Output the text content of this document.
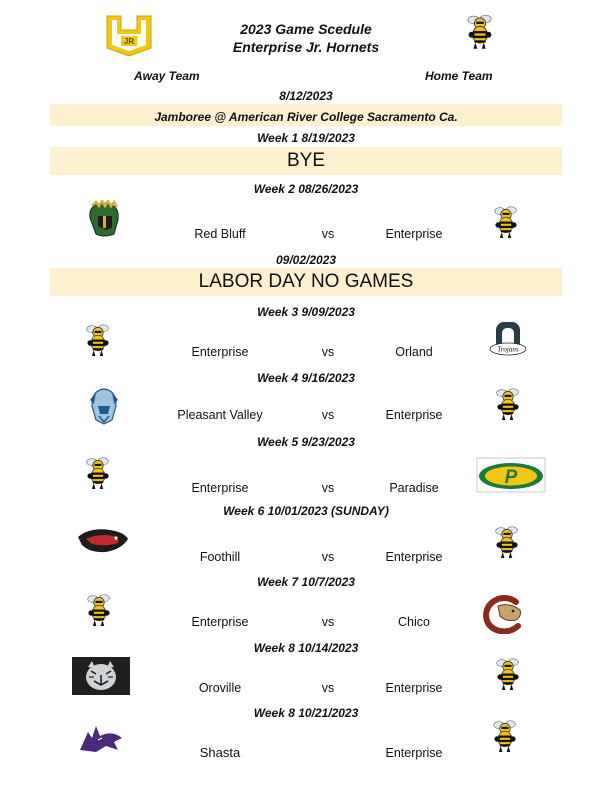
JR
2023 Game Scedule
Enterprise Jr. Hornets
Away Team	Home Team
8/12/2023
Jamboree @ American River College Sacramento Ca.
Week 1 8/19/2023
BYE
Week 2 08/26/2023
Red Bluff	vs	Enterprise
09/02/2023
LABOR DAY NO GAMES
Week 3 9/09/2023
Enterprise	vs	Orland	Trojans
Week 4 9/16/2023
Pleasant Valley	vs	Enterprise
Week 5 9/23/2023
Enterprise	vs	Paradise	P
Week 6 10/01/2023 (SUNDAY)
Foothill	vs	Enterprise
Week 7 10/7/2023
Enterprise	vs	Chico
Week 8 10/14/2023
Oroville	vs	Enterprise
Week 8 10/21/2023
Shasta	Enterprise
